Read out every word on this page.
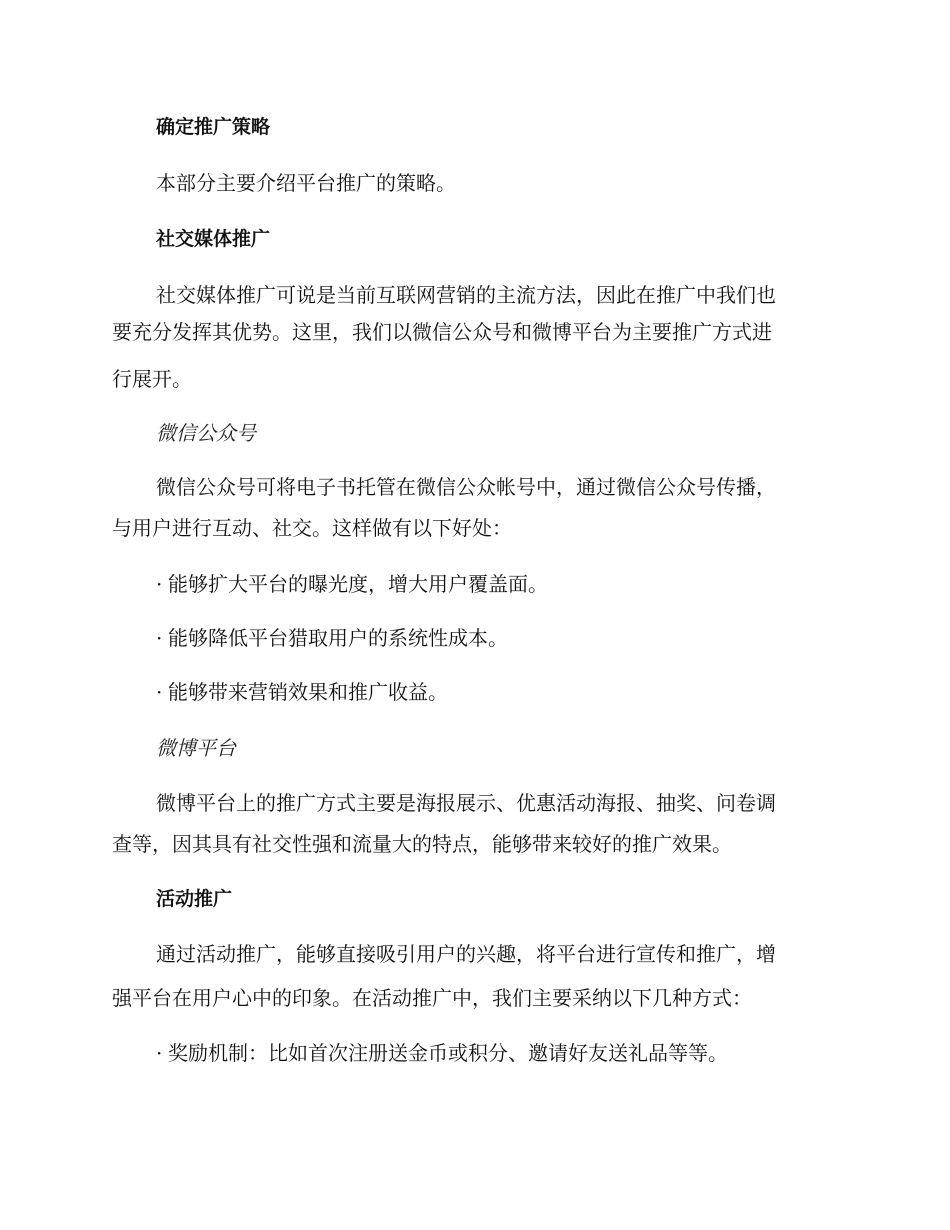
确定推广策略
本部分主要介绍平台推广的策略。
社交媒体推广
社交媒体推广可说是当前互联网营销的主流方法，因此在推广中我们也
要充分发挥其优势。这里，我们以微信公众号和微博平台为主要推广方式进
行展开。
微信公众号
微信公众号可将电子书托管在微信公众帐号中，通过微信公众号传播，
与用户进行互动、社交。这样做有以下好处：
· 能够扩大平台的曝光度，增大用户覆盖面。
· 能够降低平台猎取用户的系统性成本。
· 能够带来营销效果和推广收益。
微博平台
微博平台上的推广方式主要是海报展示、优惠活动海报、抽奖、问卷调
查等，因其具有社交性强和流量大的特点，能够带来较好的推广效果。
活动推广
通过活动推广，能够直接吸引用户的兴趣，将平台进行宣传和推广，增
强平台在用户心中的印象。在活动推广中，我们主要采纳以下几种方式：
· 奖励机制：比如首次注册送金币或积分、邀请好友送礼品等等。
